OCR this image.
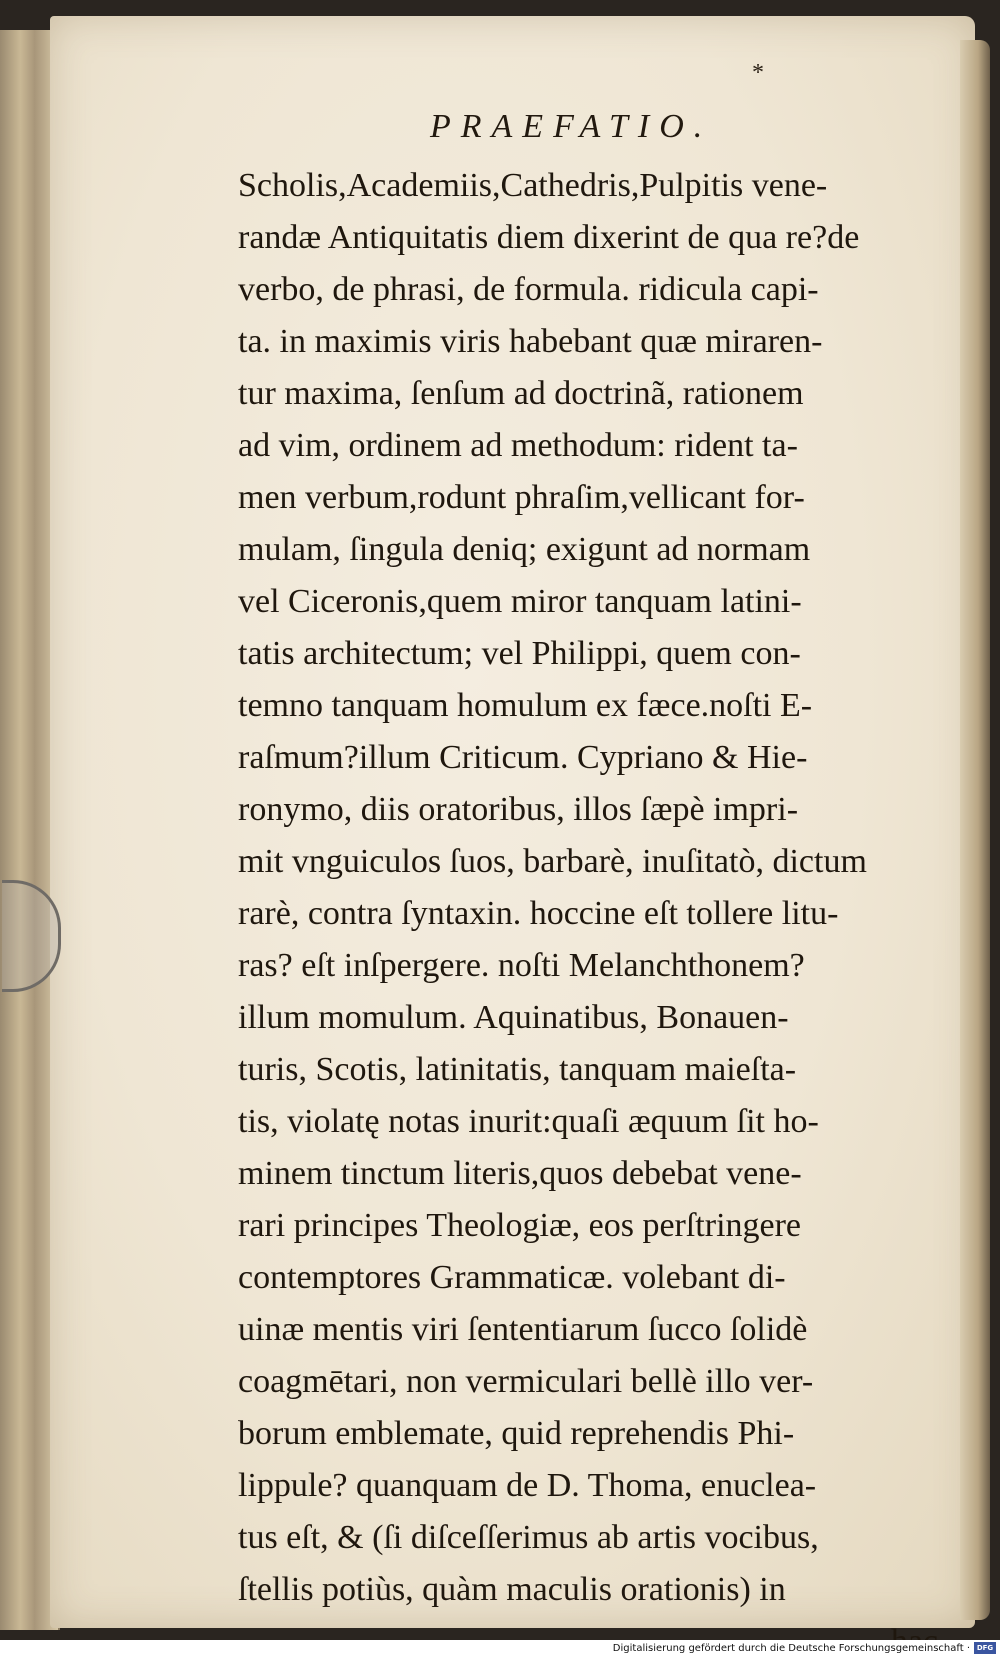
*
PRAEFATIO.
Scholis,Academiis,Cathedris,Pulpitis vene-
randæ Antiquitatis diem dixerint de qua re?de
verbo, de phrasi, de formula. ridicula capi-
ta. in maximis viris habebant quæ miraren-
tur maxima, ſenſum ad doctrinã, rationem
ad vim, ordinem ad methodum: rident ta-
men verbum,rodunt phraſim,vellicant for-
mulam, ſingula deniq; exigunt ad normam
vel Ciceronis,quem miror tanquam latini-
tatis architectum; vel Philippi, quem con-
temno tanquam homulum ex fæce.noſti E-
raſmum?illum Criticum. Cypriano & Hie-
ronymo, diis oratoribus, illos ſæpè impri-
mit vnguiculos ſuos, barbarè, inuſitatò, dictum
rarè, contra ſyntaxin. hoccine eſt tollere litu-
ras? eſt inſpergere. noſti Melanchthonem?
illum momulum. Aquinatibus, Bonauen-
turis, Scotis, latinitatis, tanquam maieſta-
tis, violatę notas inurit:quaſi æquum ſit ho-
minem tinctum literis,quos debebat vene-
rari principes Theologiæ, eos perſtringere
contemptores Grammaticæ. volebant di-
uinæ mentis viri ſententiarum ſucco ſolidè
coagmētari, non vermiculari bellè illo ver-
borum emblemate, quid reprehendis Phi-
lippule? quanquam de D. Thoma, enuclea-
tus eſt, & (ſi diſceſſerimus ab artis vocibus,
ſtellis potiùs, quàm maculis orationis) in
Digitalisierung gefördert durch die Deutsche Forschungsgemeinschaft · DFG
